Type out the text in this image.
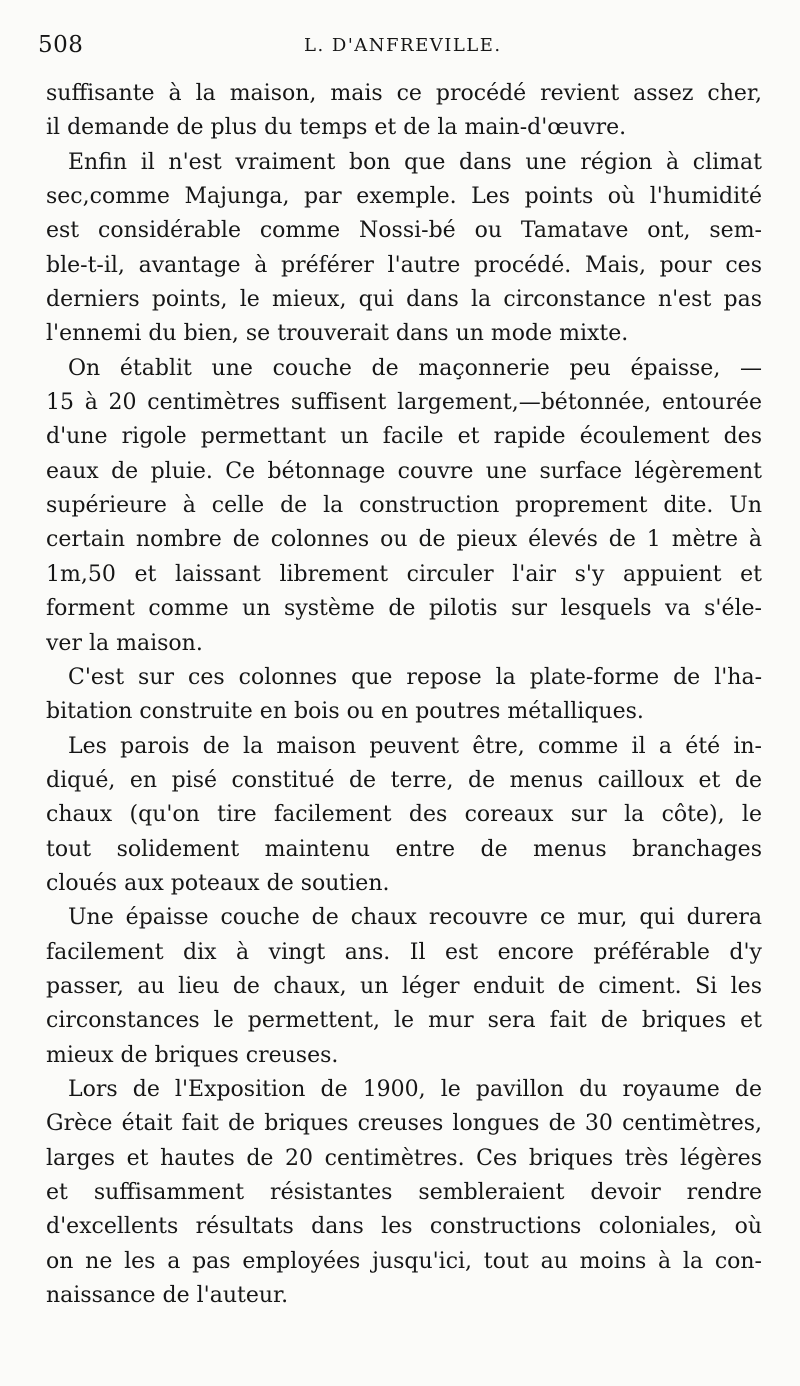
508	L. D'ANFREVILLE.
suffisante à la maison, mais ce procédé revient assez cher,
il demande de plus du temps et de la main-d'œuvre.
Enfin il n'est vraiment bon que dans une région à climat
sec,comme Majunga, par exemple. Les points où l'humidité
est considérable comme Nossi-bé ou Tamatave ont, sem-
ble-t-il, avantage à préférer l'autre procédé. Mais, pour ces
derniers points, le mieux, qui dans la circonstance n'est pas
l'ennemi du bien, se trouverait dans un mode mixte.
On établit une couche de maçonnerie peu épaisse, —
15 à 20 centimètres suffisent largement,—bétonnée, entourée
d'une rigole permettant un facile et rapide écoulement des
eaux de pluie. Ce bétonnage couvre une surface légèrement
supérieure à celle de la construction proprement dite. Un
certain nombre de colonnes ou de pieux élevés de 1 mètre à
1m,50 et laissant librement circuler l'air s'y appuient et
forment comme un système de pilotis sur lesquels va s'éle-
ver la maison.
C'est sur ces colonnes que repose la plate-forme de l'ha-
bitation construite en bois ou en poutres métalliques.
Les parois de la maison peuvent être, comme il a été in-
diqué, en pisé constitué de terre, de menus cailloux et de
chaux (qu'on tire facilement des coreaux sur la côte), le
tout solidement maintenu entre de menus branchages
cloués aux poteaux de soutien.
Une épaisse couche de chaux recouvre ce mur, qui durera
facilement dix à vingt ans. Il est encore préférable d'y
passer, au lieu de chaux, un léger enduit de ciment. Si les
circonstances le permettent, le mur sera fait de briques et
mieux de briques creuses.
Lors de l'Exposition de 1900, le pavillon du royaume de
Grèce était fait de briques creuses longues de 30 centimètres,
larges et hautes de 20 centimètres. Ces briques très légères
et suffisamment résistantes sembleraient devoir rendre
d'excellents résultats dans les constructions coloniales, où
on ne les a pas employées jusqu'ici, tout au moins à la con-
naissance de l'auteur.
